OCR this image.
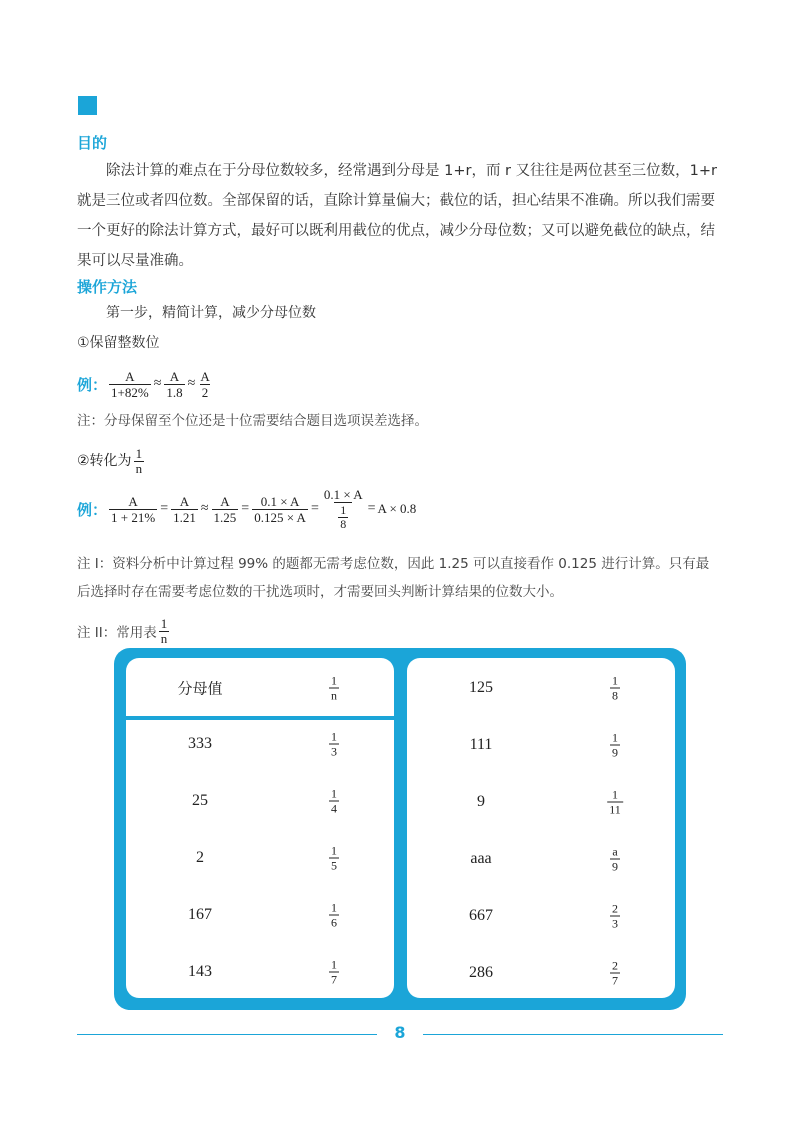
目的
除法计算的难点在于分母位数较多，经常遇到分母是 1+r，而 r 又往往是两位甚至三位数，1+r 就是三位或者四位数。全部保留的话，直除计算量偏大；截位的话，担心结果不准确。所以我们需要一个更好的除法计算方式，最好可以既利用截位的优点，减少分母位数；又可以避免截位的缺点，结果可以尽量准确。
操作方法
第一步，精简计算，减少分母位数
①保留整数位
例： $\frac{A}{1+82\%} \approx \frac{A}{1.8} \approx \frac{A}{2}$
注：分母保留至个位还是十位需要结合题目选项误差选择。
②转化为 $\frac{1}{n}$
例： $\frac{A}{1 + 21\%} = \frac{A}{1.21} \approx \frac{A}{1.25} = \frac{0.1 \times A}{0.125 \times A} = \frac{0.1 \times A}{\frac{1}{8}} = A \times 0.8$
注 I：资料分析中计算过程 99% 的题都无需考虑位数，因此 1.25 可以直接看作 0.125 进行计算。只有最
后选择时存在需要考虑位数的干扰选项时，才需要回头判断计算结果的位数大小。
注 II：常用表 $\frac{1}{n}$
分母值	$\frac{1}{n}$
333	$\frac{1}{3}$
25	$\frac{1}{4}$
2	$\frac{1}{5}$
167	$\frac{1}{6}$
143	$\frac{1}{7}$
125	$\frac{1}{8}$
111	$\frac{1}{9}$
9	$\frac{1}{11}$
aaa	$\frac{a}{9}$
667	$\frac{2}{3}$
286	$\frac{2}{7}$
8
